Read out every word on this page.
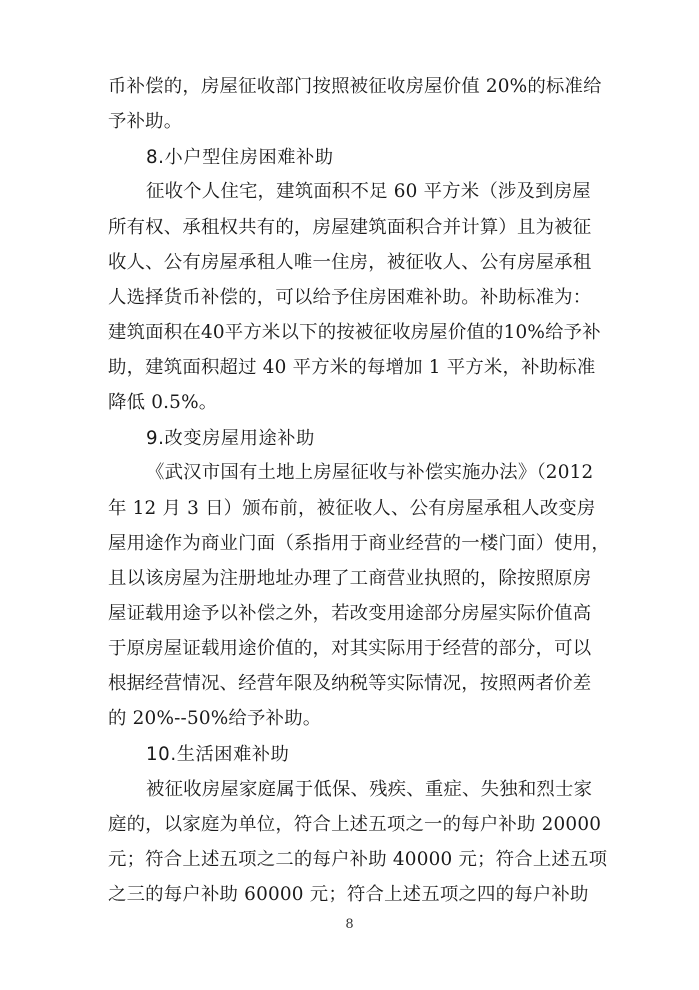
币补偿的，房屋征收部门按照被征收房屋价值 20%的标准给
予补助。
8.小户型住房困难补助
征收个人住宅，建筑面积不足 60 平方米（涉及到房屋
所有权、承租权共有的，房屋建筑面积合并计算）且为被征
收人、公有房屋承租人唯一住房，被征收人、公有房屋承租
人选择货币补偿的，可以给予住房困难补助。补助标准为：
建筑面积在40平方米以下的按被征收房屋价值的10%给予补
助，建筑面积超过 40 平方米的每增加 1 平方米，补助标准
降低 0.5%。
9.改变房屋用途补助
《武汉市国有土地上房屋征收与补偿实施办法》（2012
年 12 月 3 日）颁布前，被征收人、公有房屋承租人改变房
屋用途作为商业门面（系指用于商业经营的一楼门面）使用，
且以该房屋为注册地址办理了工商营业执照的，除按照原房
屋证载用途予以补偿之外，若改变用途部分房屋实际价值高
于原房屋证载用途价值的，对其实际用于经营的部分，可以
根据经营情况、经营年限及纳税等实际情况，按照两者价差
的 20%--50%给予补助。
10.生活困难补助
被征收房屋家庭属于低保、残疾、重症、失独和烈士家
庭的，以家庭为单位，符合上述五项之一的每户补助 20000
元；符合上述五项之二的每户补助 40000 元；符合上述五项
之三的每户补助 60000 元；符合上述五项之四的每户补助
8
